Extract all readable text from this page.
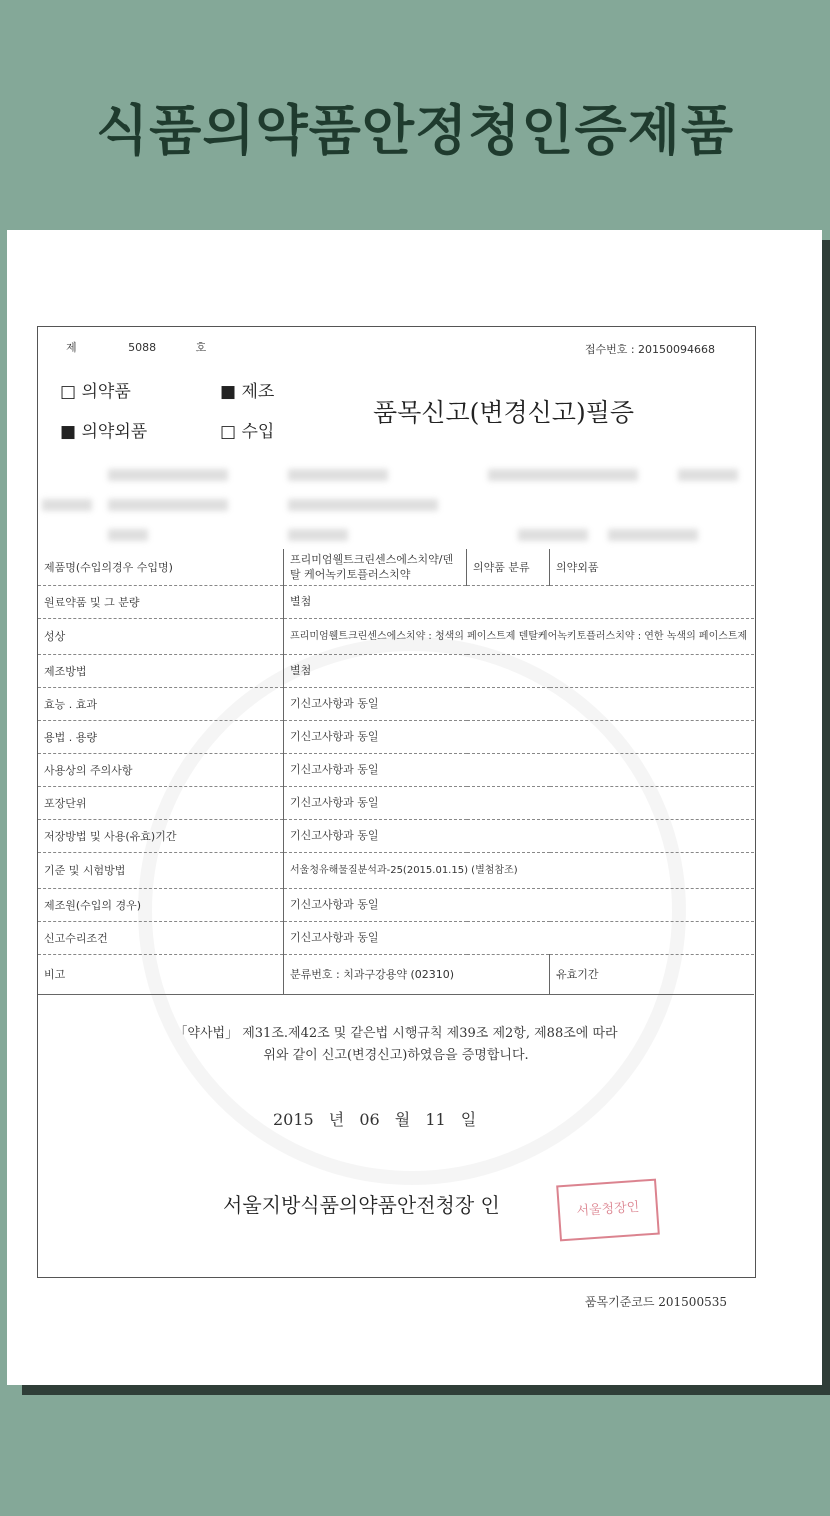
식품의약품안정청인증제품
제	5088	호	접수번호 : 20150094668
□ 의약품	■ 제조
■ 의약외품	□ 수입
품목신고(변경신고)필증
제품명(수입의경우 수입명)	프리미엄웰트크린센스에스치약/덴탈 케어녹키토플러스치약	의약품 분류	의약외품
원료약품 및 그 분량	별첨		
성상	프리미엄웰트크린센스에스치약 : 청색의 페이스트제 덴탈케어녹키토플러스치약 : 연한 녹색의 페이스트제		
제조방법	별첨		
효능 . 효과	기신고사항과 동일		
용법 . 용량	기신고사항과 동일		
사용상의 주의사항	기신고사항과 동일		
포장단위	기신고사항과 동일		
저장방법 및 사용(유효)기간	기신고사항과 동일		
기준 및 시험방법	서울청유해물질분석과-25(2015.01.15) (별첨참조)		
제조원(수입의 경우)	기신고사항과 동일		
신고수리조건	기신고사항과 동일		
비고	분류번호 : 치과구강용약 (02310)		유효기간
「약사법」 제31조.제42조 및 같은법 시행규칙 제39조 제2항, 제88조에 따라
위와 같이 신고(변경신고)하였음을 증명합니다.
2015 년 06 월 11 일
서울지방식품의약품안전청장 인	서울청장인
품목기준코드 201500535
